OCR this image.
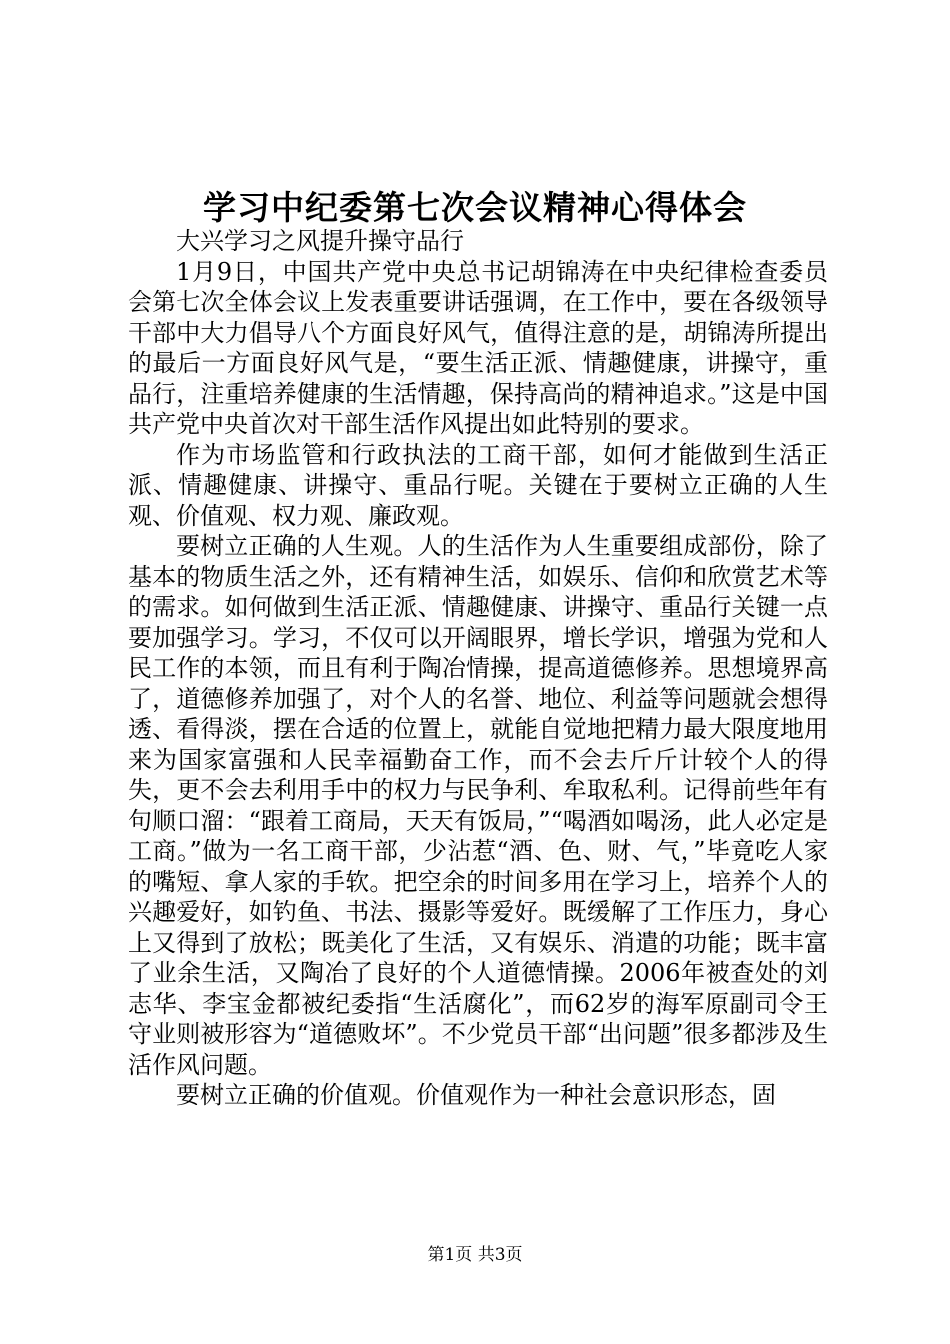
学习中纪委第七次会议精神心得体会

大兴学习之风提升操守品行

1月9日，中国共产党中央总书记胡锦涛在中央纪律检查委员会第七次全体会议上发表重要讲话强调，在工作中，要在各级领导干部中大力倡导八个方面良好风气，值得注意的是，胡锦涛所提出的最后一方面良好风气是，“要生活正派、情趣健康，讲操守，重品行，注重培养健康的生活情趣，保持高尚的精神追求。”这是中国共产党中央首次对干部生活作风提出如此特别的要求。

作为市场监管和行政执法的工商干部，如何才能做到生活正派、情趣健康、讲操守、重品行呢。关键在于要树立正确的人生观、价值观、权力观、廉政观。

要树立正确的人生观。人的生活作为人生重要组成部份，除了基本的物质生活之外，还有精神生活，如娱乐、信仰和欣赏艺术等的需求。如何做到生活正派、情趣健康、讲操守、重品行关键一点要加强学习。学习，不仅可以开阔眼界，增长学识，增强为党和人民工作的本领，而且有利于陶冶情操，提高道德修养。思想境界高了，道德修养加强了，对个人的名誉、地位、利益等问题就会想得透、看得淡，摆在合适的位置上，就能自觉地把精力最大限度地用来为国家富强和人民幸福勤奋工作，而不会去斤斤计较个人的得失，更不会去利用手中的权力与民争利、牟取私利。记得前些年有句顺口溜：“跟着工商局，天天有饭局，”“喝酒如喝汤，此人必定是工商。”做为一名工商干部，少沾惹“酒、色、财、气，”毕竟吃人家的嘴短、拿人家的手软。把空余的时间多用在学习上，培养个人的兴趣爱好，如钓鱼、书法、摄影等爱好。既缓解了工作压力，身心上又得到了放松；既美化了生活，又有娱乐、消遣的功能；既丰富了业余生活，又陶冶了良好的个人道德情操。2006年被查处的刘志华、李宝金都被纪委指“生活腐化”，而62岁的海军原副司令王守业则被形容为“道德败坏”。不少党员干部“出问题”很多都涉及生活作风问题。

要树立正确的价值观。价值观作为一种社会意识形态，固

第1页 共3页
